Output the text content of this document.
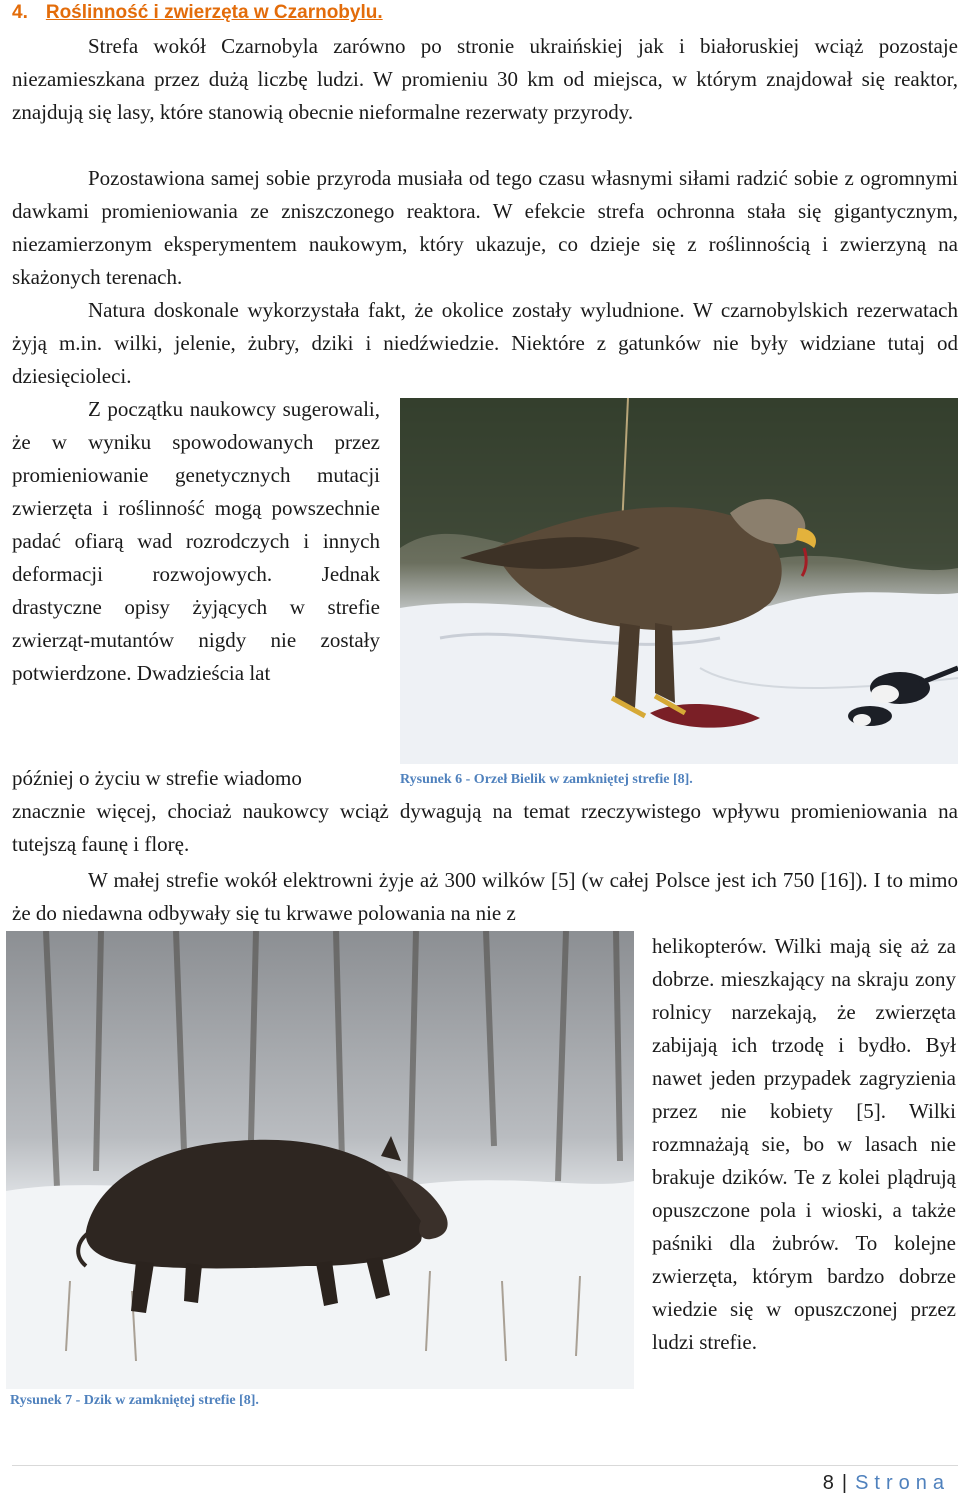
4. Roślinność i zwierzęta w Czarnobylu.

Strefa wokół Czarnobyla zarówno po stronie ukraińskiej jak i białoruskiej wciąż pozostaje niezamieszkana przez dużą liczbę ludzi. W promieniu 30 km od miejsca, w którym znajdował się reaktor, znajdują się lasy, które stanowią obecnie nieformalne rezerwaty przyrody.

Pozostawiona samej sobie przyroda musiała od tego czasu własnymi siłami radzić sobie z ogromnymi dawkami promieniowania ze zniszczonego reaktora. W efekcie strefa ochronna stała się gigantycznym, niezamierzonym eksperymentem naukowym, który ukazuje, co dzieje się z roślinnością i zwierzyną na skażonych terenach.

Natura doskonale wykorzystała fakt, że okolice zostały wyludnione. W czarnobylskich rezerwatach żyją m.in. wilki, jelenie, żubry, dziki i niedźwiedzie. Niektóre z gatunków nie były widziane tutaj od dziesięcioleci.

Z początku naukowcy sugerowali, że w wyniku spowodowanych przez promieniowanie genetycznych mutacji zwierzęta i roślinność mogą powszechnie padać ofiarą wad rozrodczych i innych deformacji rozwojowych. Jednak drastyczne opisy żyjących w strefie zwierząt-mutantów nigdy nie zostały potwierdzone. Dwadzieścia lat

później o życiu w strefie wiadomo

znacznie więcej, chociaż naukowcy wciąż dywagują na temat rzeczywistego wpływu promieniowania na tutejszą faunę i florę.

W małej strefie wokół elektrowni żyje aż 300 wilków [5] (w całej Polsce jest ich 750 [16]). I to mimo że do niedawna odbywały się tu krwawe polowania na nie z

helikopterów. Wilki mają się aż za dobrze. mieszkający na skraju zony rolnicy narzekają, że zwierzęta zabijają ich trzodę i bydło. Był nawet jeden przypadek zagryzienia przez nie kobiety [5]. Wilki rozmnażają sie, bo w lasach nie brakuje dzików. Te z kolei plądrują opuszczone pola i wioski, a także paśniki dla żubrów. To kolejne zwierzęta, którym bardzo dobrze wiedzie się w opuszczonej przez ludzi strefie.

Rysunek 6 - Orzeł Bielik w zamkniętej strefie [8].

Rysunek 7 - Dzik w zamkniętej strefie [8].

8 | Strona
